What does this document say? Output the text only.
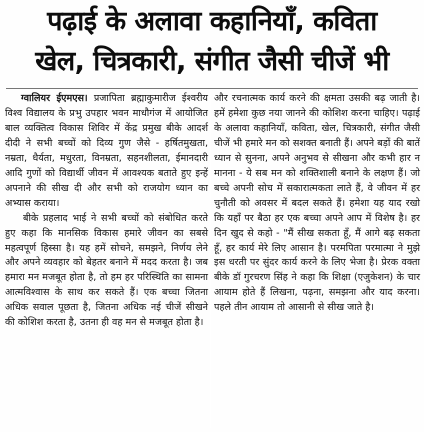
पढ़ाई के अलावा कहानियाँ, कविता
खेल, चित्रकारी, संगीत जैसी चीजें भी

ग्वालियर ईएमएस। प्रजापिता ब्रह्माकुमारीज ईश्वरीय विश्व विद्यालय के प्रभु उपहार भवन माधौगंज में आयोजित बाल व्यक्तित्व विकास शिविर में केंद्र प्रमुख बीके आदर्श दीदी ने सभी बच्चों को दिव्य गुण जैसे - हर्षितमुखता, नम्रता, धैर्यता, मधुरता, विनम्रता, सहनशीलता, ईमानदारी आदि गुणों को विद्यार्थी जीवन में आवश्यक बताते हुए इन्हें अपनाने की सीख दी और सभी को राजयोग ध्यान का अभ्यास कराया।

बीके प्रहलाद भाई ने सभी बच्चों को संबोधित करते हुए कहा कि मानसिक विकास हमारे जीवन का सबसे महत्वपूर्ण हिस्सा है। यह हमें सोचने, समझने, निर्णय लेने और अपने व्यवहार को बेहतर बनाने में मदद करता है। जब हमारा मन मजबूत होता है, तो हम हर परिस्थिति का सामना आत्मविश्वास के साथ कर सकते हैं। एक बच्चा जितना अधिक सवाल पूछता है, जितना अधिक नई चीजें सीखने की कोशिश करता है, उतना ही वह मन से मजबूत होता है।

और रचनात्मक कार्य करने की क्षमता उसकी बढ़ जाती है। हमें हमेशा कुछ नया जानने की कोशिश करना चाहिए। पढ़ाई के अलावा कहानियाँ, कविता, खेल, चित्रकारी, संगीत जैसी चीजें भी हमारे मन को सशक्त बनाती हैं। अपने बड़ों की बातें ध्यान से सुनना, अपने अनुभव से सीखना और कभी हार न मानना - ये सब मन को शक्तिशाली बनाने के लक्षण हैं। जो बच्चे अपनी सोच में सकारात्मकता लाते हैं, वे जीवन में हर चुनौती को अवसर में बदल सकते हैं। हमेशा यह याद रखो कि यहाँ पर बैठा हर एक बच्चा अपने आप में विशेष है। हर दिन खुद से कहो - "मैं सीख सकता हूँ, मैं आगे बढ़ सकता हूँ, हर कार्य मेरे लिए आसान है। परमपिता परमात्मा ने मुझे इस धरती पर सुंदर कार्य करने के लिए भेजा है। प्रेरक वक्ता बीके डॉ गुरचरण सिंह ने कहा कि शिक्षा (एजुकेशन) के चार आयाम होते हैं लिखना, पढ़ना, समझना और याद करना। पहले तीन आयाम तो आसानी से सीख जाते है।
